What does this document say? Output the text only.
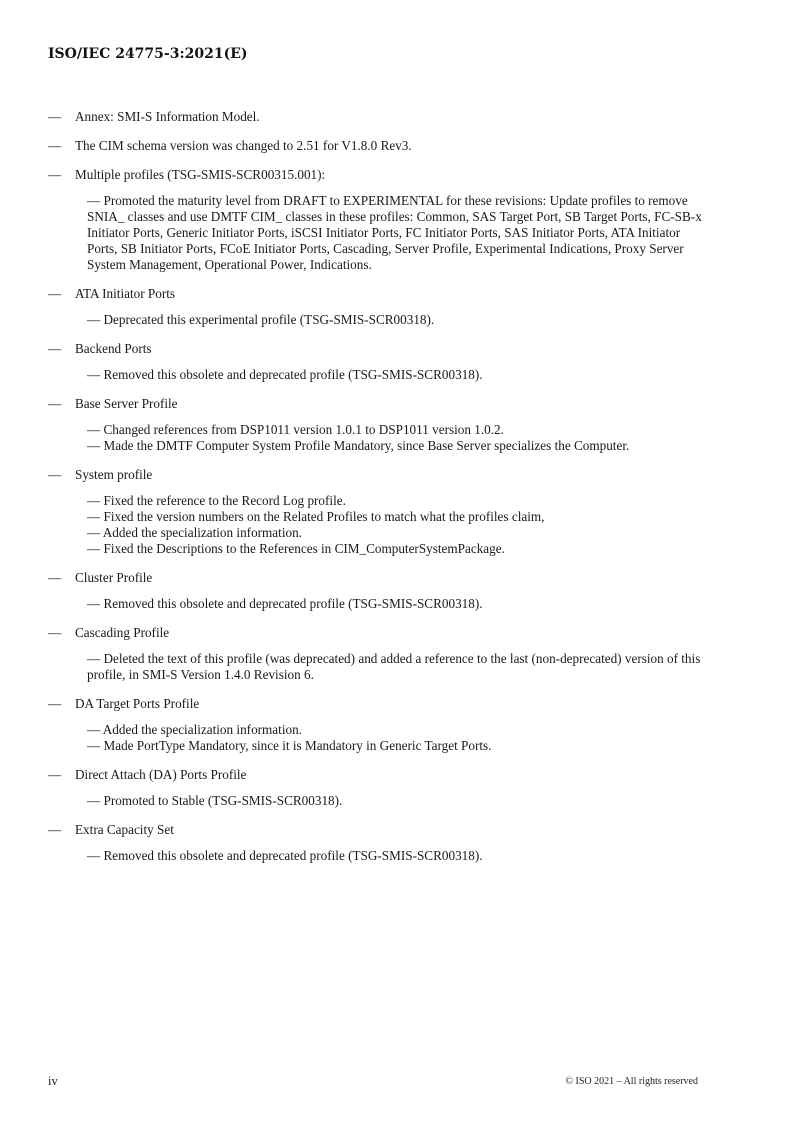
ISO/IEC 24775-3:2021(E)
—	Annex: SMI-S Information Model.
—	The CIM schema version was changed to 2.51 for V1.8.0 Rev3.
—	Multiple profiles (TSG-SMIS-SCR00315.001):
— Promoted the maturity level from DRAFT to EXPERIMENTAL for these revisions: Update profiles to remove SNIA_ classes and use DMTF CIM_ classes in these profiles: Common, SAS Target Port, SB Target Ports, FC-SB-x Initiator Ports, Generic Initiator Ports, iSCSI Initiator Ports, FC Initiator Ports, SAS Initiator Ports, ATA Initiator Ports, SB Initiator Ports, FCoE Initiator Ports, Cascading, Server Profile, Experimental Indications, Proxy Server System Management, Operational Power, Indications.
—	ATA Initiator Ports
— Deprecated this experimental profile (TSG-SMIS-SCR00318).
—	Backend Ports
— Removed this obsolete and deprecated profile (TSG-SMIS-SCR00318).
—	Base Server Profile
— Changed references from DSP1011 version 1.0.1 to DSP1011 version 1.0.2.
— Made the DMTF Computer System Profile Mandatory, since Base Server specializes the Computer.
—	System profile
— Fixed the reference to the Record Log profile.
— Fixed the version numbers on the Related Profiles to match what the profiles claim,
— Added the specialization information.
— Fixed the Descriptions to the References in CIM_ComputerSystemPackage.
—	Cluster Profile
— Removed this obsolete and deprecated profile (TSG-SMIS-SCR00318).
—	Cascading Profile
— Deleted the text of this profile (was deprecated) and added a reference to the last (non-deprecated) version of this profile, in SMI-S Version 1.4.0 Revision 6.
—	DA Target Ports Profile
— Added the specialization information.
— Made PortType Mandatory, since it is Mandatory in Generic Target Ports.
—	Direct Attach (DA) Ports Profile
— Promoted to Stable (TSG-SMIS-SCR00318).
—	Extra Capacity Set
— Removed this obsolete and deprecated profile (TSG-SMIS-SCR00318).
iv	© ISO 2021 – All rights reserved
